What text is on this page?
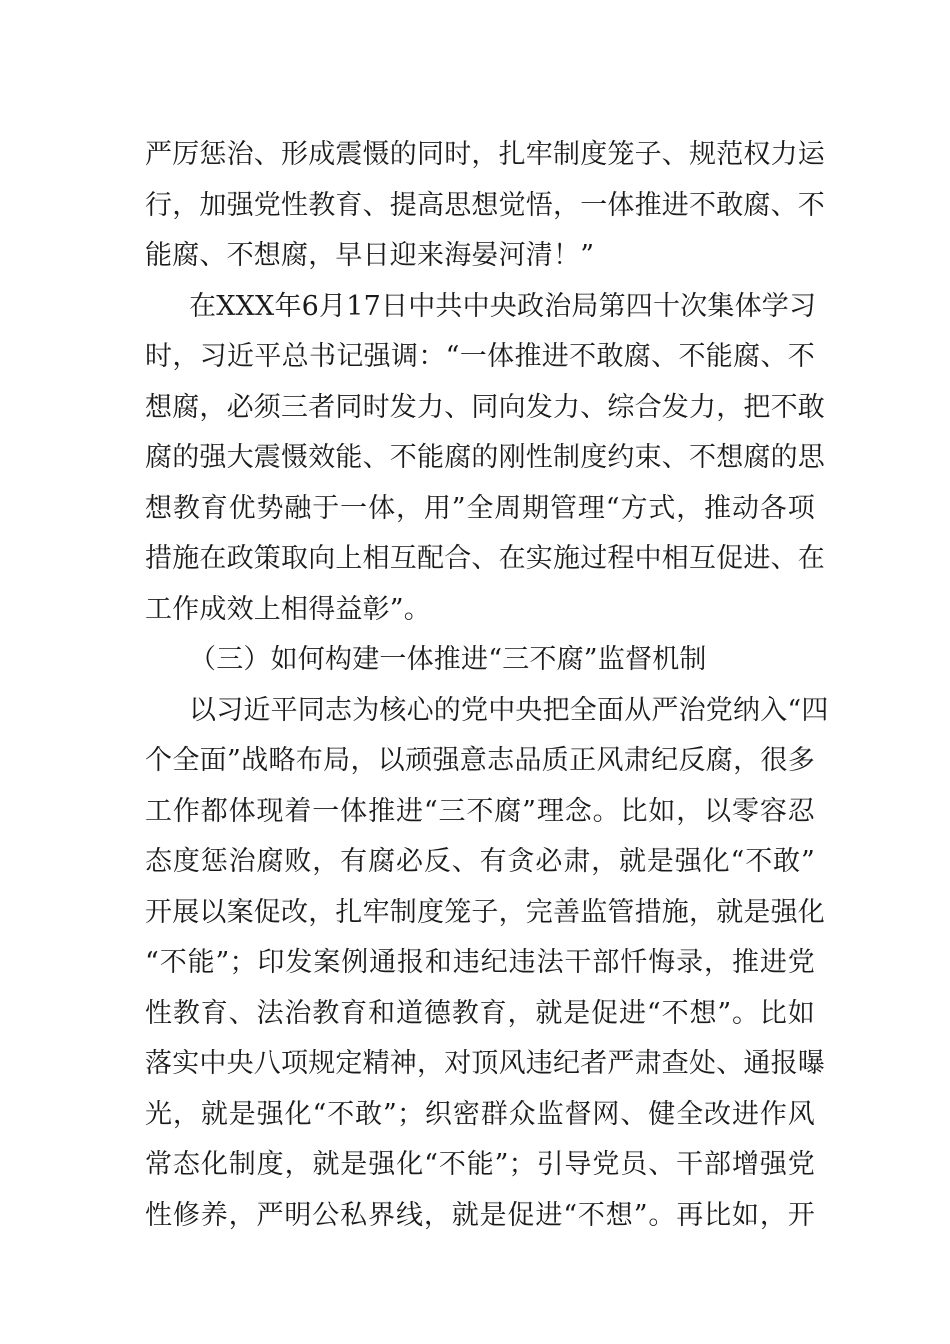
严厉惩治、形成震慑的同时，扎牢制度笼子、规范权力运
行，加强党性教育、提高思想觉悟，一体推进不敢腐、不
能腐、不想腐，早日迎来海晏河清！”
在XXX年6月17日中共中央政治局第四十次集体学习
时，习近平总书记强调：“一体推进不敢腐、不能腐、不
想腐，必须三者同时发力、同向发力、综合发力，把不敢
腐的强大震慑效能、不能腐的刚性制度约束、不想腐的思
想教育优势融于一体，用”全周期管理“方式，推动各项
措施在政策取向上相互配合、在实施过程中相互促进、在
工作成效上相得益彰”。
（三）如何构建一体推进“三不腐”监督机制
以习近平同志为核心的党中央把全面从严治党纳入“四
个全面”战略布局，以顽强意志品质正风肃纪反腐，很多
工作都体现着一体推进“三不腐”理念。比如，以零容忍
态度惩治腐败，有腐必反、有贪必肃，就是强化“不敢”
开展以案促改，扎牢制度笼子，完善监管措施，就是强化
“不能”；印发案例通报和违纪违法干部忏悔录，推进党
性教育、法治教育和道德教育，就是促进“不想”。比如
落实中央八项规定精神，对顶风违纪者严肃查处、通报曝
光，就是强化“不敢”；织密群众监督网、健全改进作风
常态化制度，就是强化“不能”；引导党员、干部增强党
性修养，严明公私界线，就是促进“不想”。再比如，开
